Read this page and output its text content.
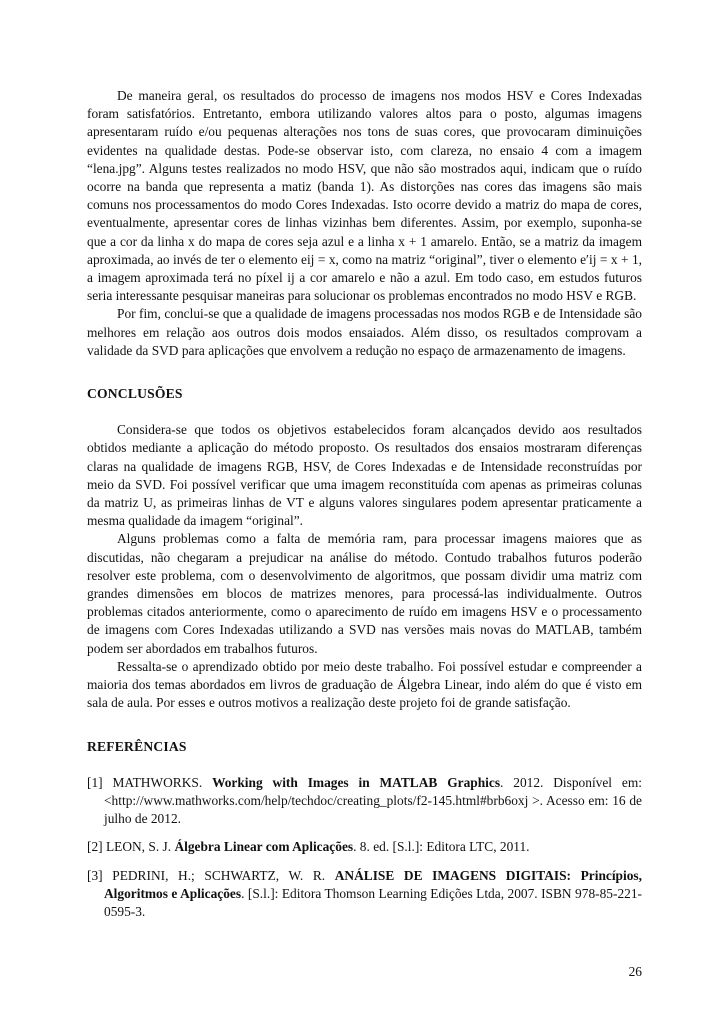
De maneira geral, os resultados do processo de imagens nos modos HSV e Cores Indexadas foram satisfatórios. Entretanto, embora utilizando valores altos para o posto, algumas imagens apresentaram ruído e/ou pequenas alterações nos tons de suas cores, que provocaram diminuições evidentes na qualidade destas. Pode-se observar isto, com clareza, no ensaio 4 com a imagem “lena.jpg”. Alguns testes realizados no modo HSV, que não são mostrados aqui, indicam que o ruído ocorre na banda que representa a matiz (banda 1). As distorções nas cores das imagens são mais comuns nos processamentos do modo Cores Indexadas. Isto ocorre devido a matriz do mapa de cores, eventualmente, apresentar cores de linhas vizinhas bem diferentes. Assim, por exemplo, suponha-se que a cor da linha x do mapa de cores seja azul e a linha x + 1 amarelo. Então, se a matriz da imagem aproximada, ao invés de ter o elemento eij = x, como na matriz “original”, tiver o elemento e′ij = x + 1, a imagem aproximada terá no píxel ij a cor amarelo e não a azul. Em todo caso, em estudos futuros seria interessante pesquisar maneiras para solucionar os problemas encontrados no modo HSV e RGB.

Por fim, conclui-se que a qualidade de imagens processadas nos modos RGB e de Intensidade são melhores em relação aos outros dois modos ensaiados. Além disso, os resultados comprovam a validade da SVD para aplicações que envolvem a redução no espaço de armazenamento de imagens.

CONCLUSÕES

Considera-se que todos os objetivos estabelecidos foram alcançados devido aos resultados obtidos mediante a aplicação do método proposto. Os resultados dos ensaios mostraram diferenças claras na qualidade de imagens RGB, HSV, de Cores Indexadas e de Intensidade reconstruídas por meio da SVD. Foi possível verificar que uma imagem reconstituída com apenas as primeiras colunas da matriz U, as primeiras linhas de VT e alguns valores singulares podem apresentar praticamente a mesma qualidade da imagem “original”.

Alguns problemas como a falta de memória ram, para processar imagens maiores que as discutidas, não chegaram a prejudicar na análise do método. Contudo trabalhos futuros poderão resolver este problema, com o desenvolvimento de algoritmos, que possam dividir uma matriz com grandes dimensões em blocos de matrizes menores, para processá-las individualmente. Outros problemas citados anteriormente, como o aparecimento de ruído em imagens HSV e o processamento de imagens com Cores Indexadas utilizando a SVD nas versões mais novas do MATLAB, também podem ser abordados em trabalhos futuros.

Ressalta-se o aprendizado obtido por meio deste trabalho. Foi possível estudar e compreender a maioria dos temas abordados em livros de graduação de Álgebra Linear, indo além do que é visto em sala de aula. Por esses e outros motivos a realização deste projeto foi de grande satisfação.

REFERÊNCIAS

[1] MATHWORKS. Working with Images in MATLAB Graphics. 2012. Disponível em: <http://www.mathworks.com/help/techdoc/creating_plots/f2-145.html#brb6oxj >. Acesso em: 16 de julho de 2012.

[2] LEON, S. J. Álgebra Linear com Aplicações. 8. ed. [S.l.]: Editora LTC, 2011.

[3] PEDRINI, H.; SCHWARTZ, W. R. ANÁLISE DE IMAGENS DIGITAIS: Princípios, Algoritmos e Aplicações. [S.l.]: Editora Thomson Learning Edições Ltda, 2007. ISBN 978-85-221-0595-3.

26
